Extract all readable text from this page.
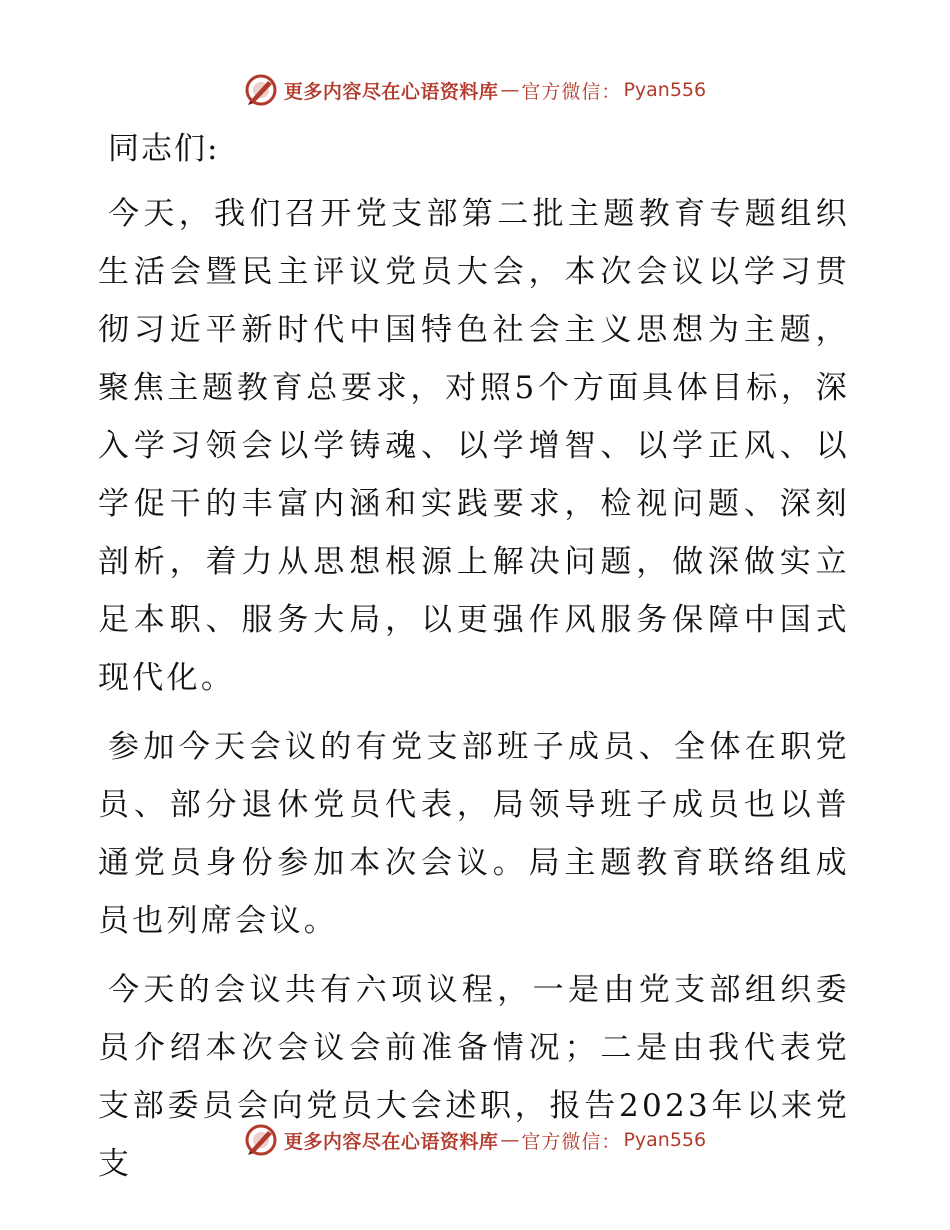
更多内容尽在心语资料库 — 官方微信： Pyan556
同志们:

今天，我们召开党支部第二批主题教育专题组织生活会暨民主评议党员大会，本次会议以学习贯彻习近平新时代中国特色社会主义思想为主题，聚焦主题教育总要求，对照5个方面具体目标，深入学习领会以学铸魂、以学增智、以学正风、以学促干的丰富内涵和实践要求，检视问题、深刻剖析，着力从思想根源上解决问题，做深做实立足本职、服务大局，以更强作风服务保障中国式现代化。

参加今天会议的有党支部班子成员、全体在职党员、部分退休党员代表，局领导班子成员也以普通党员身份参加本次会议。局主题教育联络组成员也列席会议。

今天的会议共有六项议程，一是由党支部组织委员介绍本次会议会前准备情况；二是由我代表党支部委员会向党员大会述职，报告2023年以来党支

更多内容尽在心语资料库 — 官方微信： Pyan556
